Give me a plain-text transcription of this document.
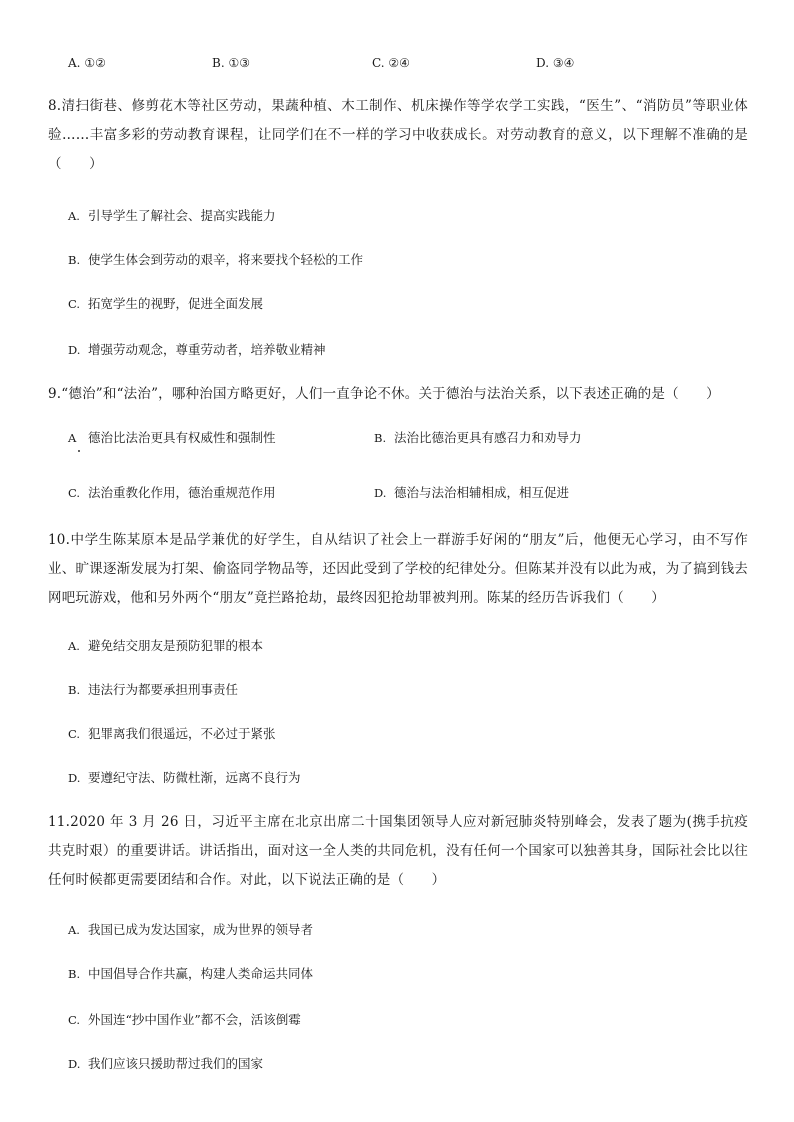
A. ①②	B. ①③	C. ②④	D. ③④
8.清扫街巷、修剪花木等社区劳动，果蔬种植、木工制作、机床操作等学农学工实践，“医生”、“消防员”等职业体验……丰富多彩的劳动教育课程，让同学们在不一样的学习中收获成长。对劳动教育的意义，以下理解不准确的是（　　）
A. 引导学生了解社会、提高实践能力
B. 使学生体会到劳动的艰辛，将来要找个轻松的工作
C. 拓宽学生的视野，促进全面发展
D. 增强劳动观念，尊重劳动者，培养敬业精神
9.“德治”和“法治”，哪种治国方略更好，人们一直争论不休。关于德治与法治关系，以下表述正确的是（　　）
A 德治比法治更具有权威性和强制性	B. 法治比德治更具有感召力和劝导力
C. 法治重教化作用，德治重规范作用	D. 德治与法治相辅相成，相互促进
10.中学生陈某原本是品学兼优的好学生，自从结识了社会上一群游手好闲的“朋友”后，他便无心学习，由不写作业、旷课逐渐发展为打架、偷盗同学物品等，还因此受到了学校的纪律处分。但陈某并没有以此为戒，为了搞到钱去网吧玩游戏，他和另外两个“朋友”竟拦路抢劫，最终因犯抢劫罪被判刑。陈某的经历告诉我们（　　）
A. 避免结交朋友是预防犯罪的根本
B. 违法行为都要承担刑事责任
C. 犯罪离我们很遥远，不必过于紧张
D. 要遵纪守法、防微杜渐，远离不良行为
11.2020 年 3 月 26 日，习近平主席在北京出席二十国集团领导人应对新冠肺炎特别峰会，发表了题为(携手抗疫 共克时艰）的重要讲话。讲话指出，面对这一全人类的共同危机，没有任何一个国家可以独善其身，国际社会比以往任何时候都更需要团结和合作。对此，以下说法正确的是（　　）
A. 我国已成为发达国家，成为世界的领导者
B. 中国倡导合作共赢，构建人类命运共同体
C. 外国连“抄中国作业”都不会，活该倒霉
D. 我们应该只援助帮过我们的国家
